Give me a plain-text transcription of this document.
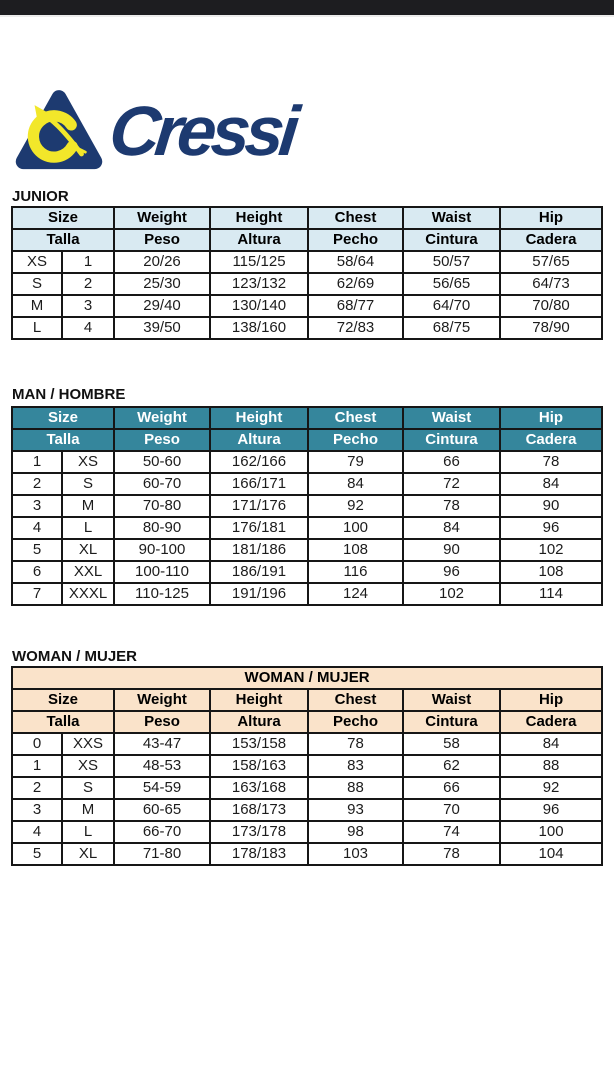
Cressi
JUNIOR
Size		Weight	Height	Chest	Waist	Hip
Talla		Peso	Altura	Pecho	Cintura	Cadera
XS	1	20/26	115/125	58/64	50/57	57/65
S	2	25/30	123/132	62/69	56/65	64/73
M	3	29/40	130/140	68/77	64/70	70/80
L	4	39/50	138/160	72/83	68/75	78/90
MAN / HOMBRE
Size		Weight	Height	Chest	Waist	Hip
Talla		Peso	Altura	Pecho	Cintura	Cadera
1	XS	50-60	162/166	79	66	78
2	S	60-70	166/171	84	72	84
3	M	70-80	171/176	92	78	90
4	L	80-90	176/181	100	84	96
5	XL	90-100	181/186	108	90	102
6	XXL	100-110	186/191	116	96	108
7	XXXL	110-125	191/196	124	102	114
WOMAN / MUJER
WOMAN / MUJER						
Size		Weight	Height	Chest	Waist	Hip
Talla		Peso	Altura	Pecho	Cintura	Cadera
0	XXS	43-47	153/158	78	58	84
1	XS	48-53	158/163	83	62	88
2	S	54-59	163/168	88	66	92
3	M	60-65	168/173	93	70	96
4	L	66-70	173/178	98	74	100
5	XL	71-80	178/183	103	78	104
